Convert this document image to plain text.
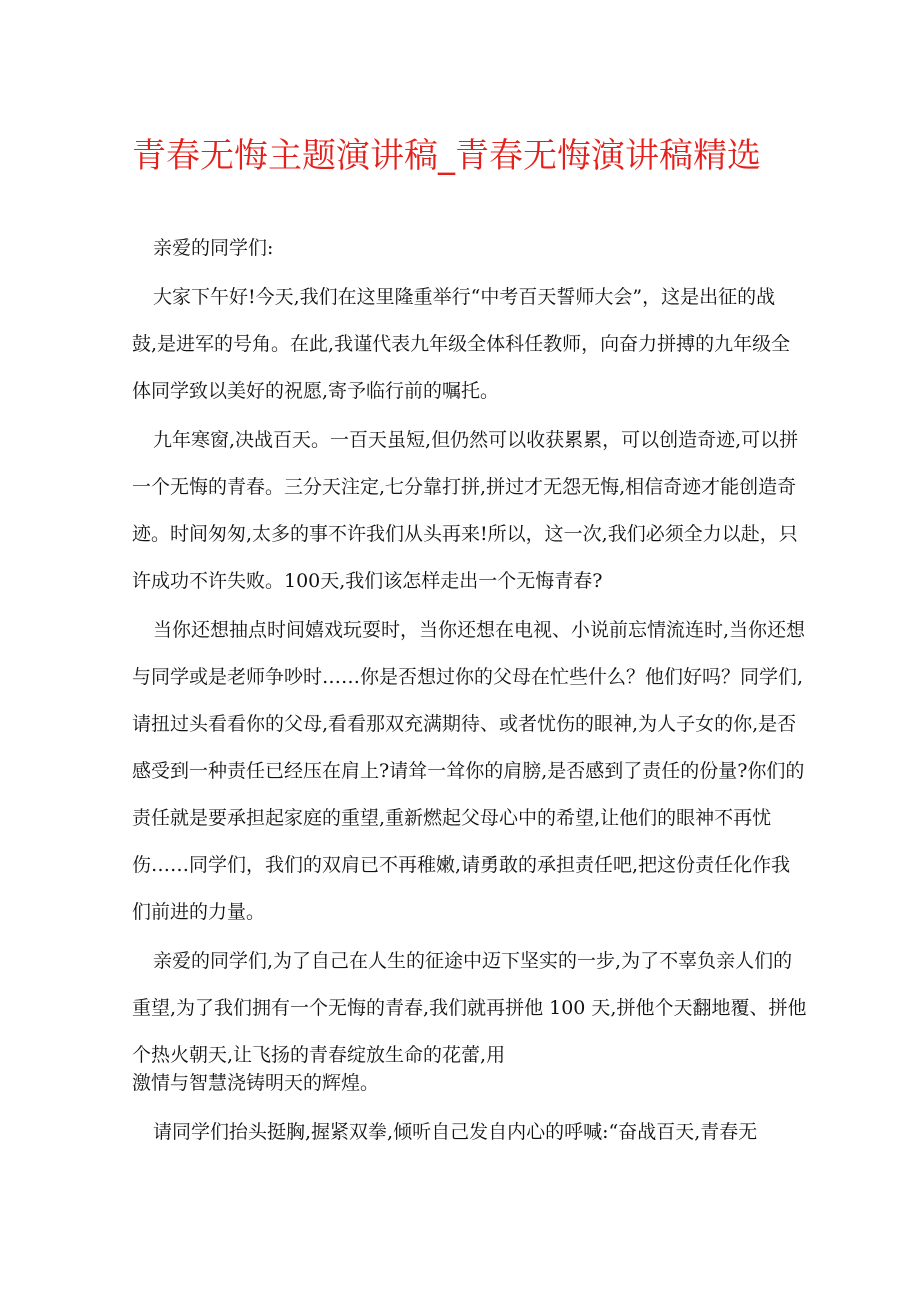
青春无悔主题演讲稿_青春无悔演讲稿精选
亲爱的同学们:
大家下午好!今天,我们在这里隆重举行“中考百天誓师大会”，这是出征的战
鼓,是进军的号角。在此,我谨代表九年级全体科任教师，向奋力拼搏的九年级全
体同学致以美好的祝愿,寄予临行前的嘱托。
九年寒窗,决战百天。一百天虽短,但仍然可以收获累累，可以创造奇迹,可以拼
一个无悔的青春。三分天注定,七分靠打拼,拼过才无怨无悔,相信奇迹才能创造奇
迹。时间匆匆,太多的事不许我们从头再来!所以，这一次,我们必须全力以赴，只
许成功不许失败。100天,我们该怎样走出一个无悔青春?
当你还想抽点时间嬉戏玩耍时，当你还想在电视、小说前忘情流连时,当你还想
与同学或是老师争吵时……你是否想过你的父母在忙些什么？他们好吗？同学们,
请扭过头看看你的父母,看看那双充满期待、或者忧伤的眼神,为人子女的你,是否
感受到一种责任已经压在肩上?请耸一耸你的肩膀,是否感到了责任的份量?你们的
责任就是要承担起家庭的重望,重新燃起父母心中的希望,让他们的眼神不再忧
伤……同学们，我们的双肩已不再稚嫩,请勇敢的承担责任吧,把这份责任化作我
们前进的力量。
亲爱的同学们,为了自己在人生的征途中迈下坚实的一步,为了不辜负亲人们的
重望,为了我们拥有一个无悔的青春,我们就再拼他 100 天,拼他个天翻地覆、拼他
个热火朝天,让飞扬的青春绽放生命的花蕾,用
激情与智慧浇铸明天的辉煌。
请同学们抬头挺胸,握紧双拳,倾听自己发自内心的呼喊:“奋战百天,青春无
